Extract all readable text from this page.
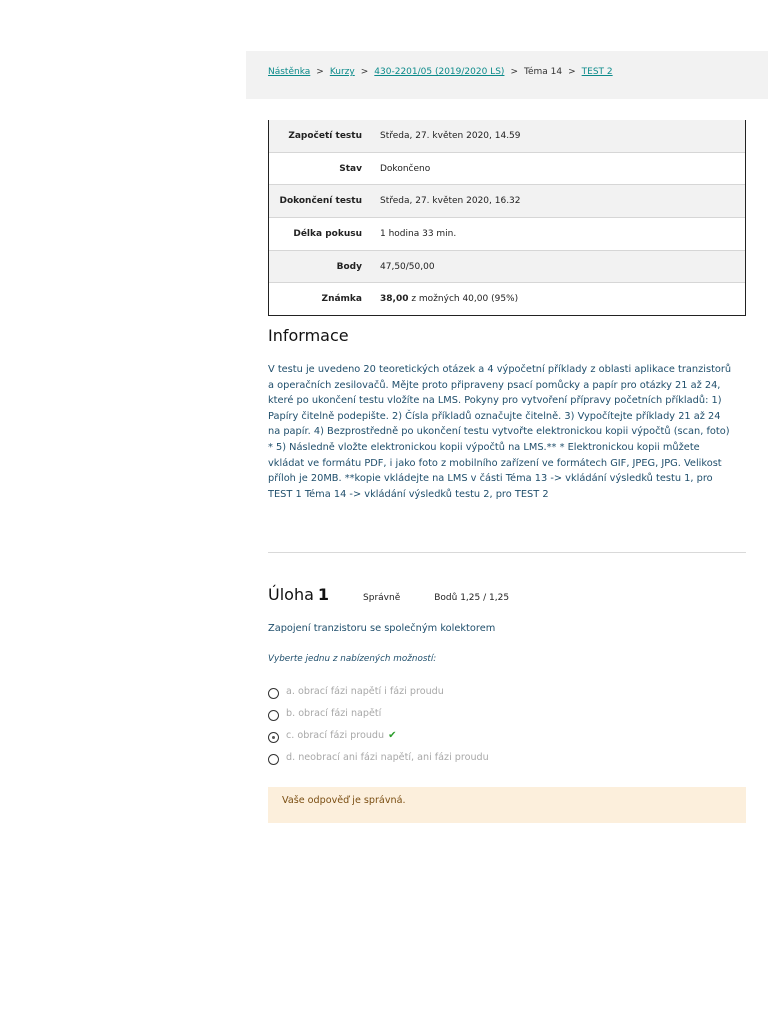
Nástěnka > Kurzy > 430-2201/05 (2019/2020 LS) > Téma 14 > TEST 2
Započetí testu Středa, 27. květen 2020, 14.59
Stav Dokončeno
Dokončení testu Středa, 27. květen 2020, 16.32
Délka pokusu 1 hodina 33 min.
Body 47,50/50,00
Známka 38,00 z možných 40,00 (95%)
Informace
V testu je uvedeno 20 teoretických otázek a 4 výpočetní příklady z oblasti aplikace tranzistorů a operačních zesilovačů. Mějte proto připraveny psací pomůcky a papír pro otázky 21 až 24, které po ukončení testu vložíte na LMS. Pokyny pro vytvoření přípravy početních příkladů: 1) Papíry čitelně podepište. 2) Čísla příkladů označujte čitelně. 3) Vypočítejte příklady 21 až 24 na papír. 4) Bezprostředně po ukončení testu vytvořte elektronickou kopii výpočtů (scan, foto) * 5) Následně vložte elektronickou kopii výpočtů na LMS.** * Elektronickou kopii můžete vkládat ve formátu PDF, i jako foto z mobilního zařízení ve formátech GIF, JPEG, JPG. Velikost příloh je 20MB. **kopie vkládejte na LMS v části Téma 13 -> vkládání výsledků testu 1, pro TEST 1 Téma 14 -> vkládání výsledků testu 2, pro TEST 2
Úloha 1	Správně	Bodů 1,25 / 1,25
Zapojení tranzistoru se společným kolektorem
Vyberte jednu z nabízených možností:
a. obrací fázi napětí i fázi proudu
b. obrací fázi napětí
c. obrací fázi proudu ✔
d. neobrací ani fázi napětí, ani fázi proudu
Vaše odpověď je správná.
